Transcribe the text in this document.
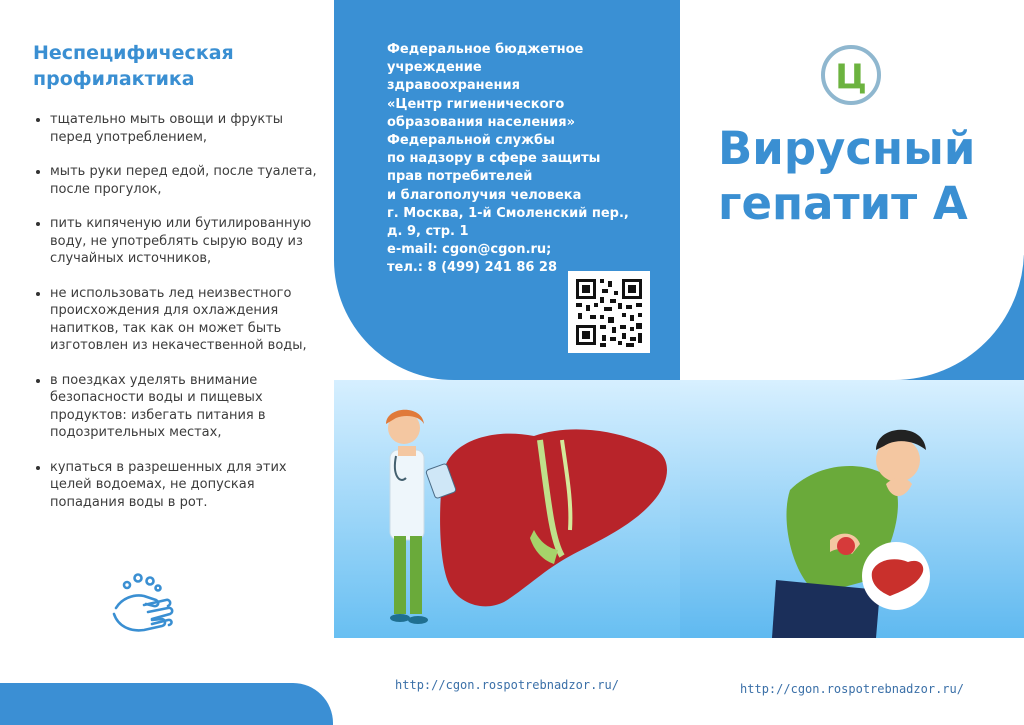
Неспецифическая профилактика
тщательно мыть овощи и фрукты перед употреблением,
мыть руки перед едой, после туалета, после прогулок,
пить кипяченую или бутилированную воду, не употреблять сырую воду из случайных источников,
не использовать лед неизвестного происхождения для охлаждения напитков, так как он может быть изготовлен из некачественной воды,
в поездках уделять внимание безопасности воды и пищевых продуктов: избегать питания в подозрительных местах,
купаться в разрешенных для этих целей водоемах, не допуская попадания воды в рот.
Федеральное бюджетное
учреждение
здравоохранения
«Центр гигиенического
образования населения»
Федеральной службы
по надзору в сфере защиты
прав потребителей
и благополучия человека
г. Москва, 1-й Смоленский пер.,
д. 9, стр. 1
e-mail: cgon@cgon.ru;
тел.: 8 (499) 241 86 28
http://cgon.rospotrebnadzor.ru/
Ц
Вирусный
гепатит А
http://cgon.rospotrebnadzor.ru/
